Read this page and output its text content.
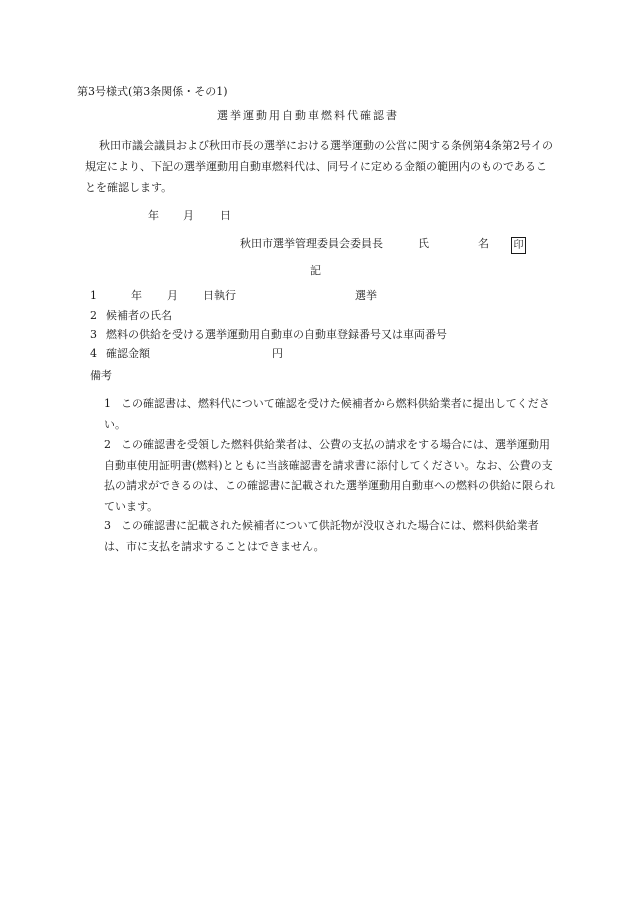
第3号様式(第3条関係・その1)
選挙運動用自動車燃料代確認書
秋田市議会議員および秋田市長の選挙における選挙運動の公営に関する条例第4条第2号イの規定により、下記の選挙運動用自動車燃料代は、同号イに定める金額の範囲内のものであることを確認します。
年 月 日
秋田市選挙管理委員会委員長	氏	名 印
記
1	年 月 日執行	選挙
2 候補者の氏名
3 燃料の供給を受ける選挙運動用自動車の自動車登録番号又は車両番号
4 確認金額	円
備考
1 この確認書は、燃料代について確認を受けた候補者から燃料供給業者に提出してください。
2 この確認書を受領した燃料供給業者は、公費の支払の請求をする場合には、選挙運動用自動車使用証明書(燃料)とともに当該確認書を請求書に添付してください。なお、公費の支払の請求ができるのは、この確認書に記載された選挙運動用自動車への燃料の供給に限られています。
3 この確認書に記載された候補者について供託物が没収された場合には、燃料供給業者は、市に支払を請求することはできません。
